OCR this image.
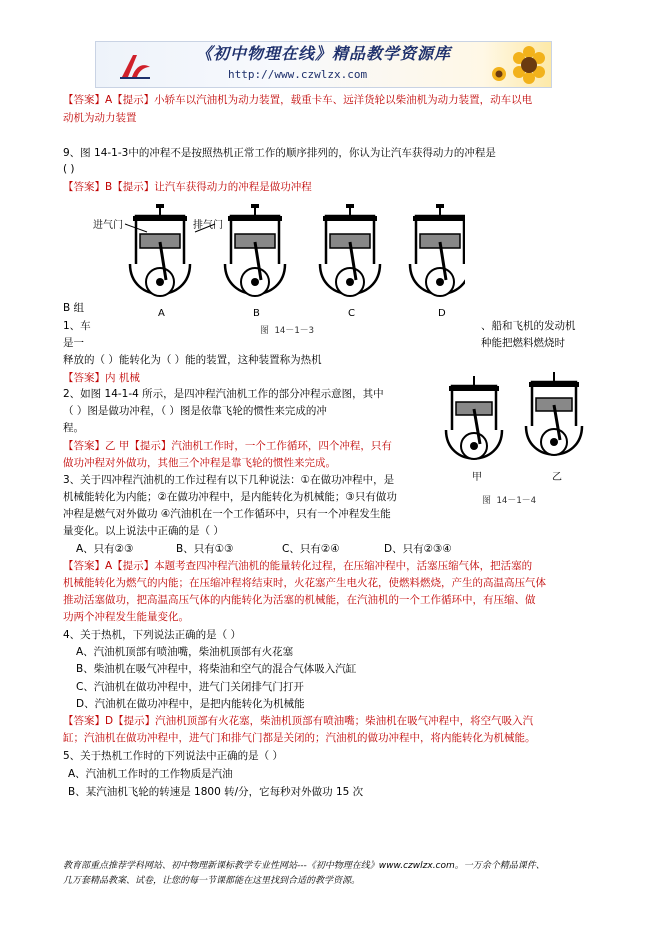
《初中物理在线》精品教学资源库
http://www.czwlzx.com
【答案】A【提示】小轿车以汽油机为动力装置，载重卡车、远洋货轮以柴油机为动力装置，动车以电
动机为动力装置
9、图 14-1-3中的冲程不是按照热机正常工作的顺序排列的，你认为让汽车获得动力的冲程是
( )
【答案】B【提示】让汽车获得动力的冲程是做功冲程
进气门	排气门
A	B	C	D
图 14－1－3
B 组
1、车	、船和飞机的发动机
是一	种能把燃料燃烧时
释放的（ ）能转化为（ ）能的装置，这种装置称为热机
【答案】内 机械
2、如图 14-1-4 所示，是四冲程汽油机工作的部分冲程示意图，其中
（ ）图是做功冲程，（ ）图是依靠飞轮的惯性来完成的冲
程。
【答案】乙 甲【提示】汽油机工作时，一个工作循环，四个冲程，只有
做功冲程对外做功，其他三个冲程是靠飞轮的惯性来完成。
甲	乙
图 14－1－4
3、关于四冲程汽油机的工作过程有以下几种说法：①在做功冲程中，是
机械能转化为内能；②在做功冲程中，是内能转化为机械能；③只有做功
冲程是燃气对外做功 ④汽油机在一个工作循环中，只有一个冲程发生能
量变化。以上说法中正确的是（ ）
A、只有②③	B、只有①③	C、只有②④	D、只有②③④
【答案】A【提示】本题考查四冲程汽油机的能量转化过程，在压缩冲程中，活塞压缩气体，把活塞的
机械能转化为燃气的内能；在压缩冲程将结束时，火花塞产生电火花，使燃料燃烧，产生的高温高压气体
推动活塞做功，把高温高压气体的内能转化为活塞的机械能，在汽油机的一个工作循环中，有压缩、做
功两个冲程发生能量变化。
4、关于热机，下列说法正确的是（ ）
A、汽油机顶部有喷油嘴，柴油机顶部有火花塞
B、柴油机在吸气冲程中，将柴油和空气的混合气体吸入汽缸
C、汽油机在做功冲程中，进气门关闭排气门打开
D、汽油机在做功冲程中，是把内能转化为机械能
【答案】D【提示】汽油机顶部有火花塞，柴油机顶部有喷油嘴；柴油机在吸气冲程中，将空气吸入汽
缸；汽油机在做功冲程中，进气门和排气门都是关闭的；汽油机的做功冲程中，将内能转化为机械能。
5、关于热机工作时的下列说法中正确的是（ ）
A、汽油机工作时的工作物质是汽油
B、某汽油机飞轮的转速是 1800 转/分，它每秒对外做功 15 次
教育部重点推荐学科网站、初中物理新课标教学专业性网站---《初中物理在线》www.czwlzx.com。一万余个精品课件、
几万套精品教案、试卷，让您的每一节课都能在这里找到合适的教学资源。
